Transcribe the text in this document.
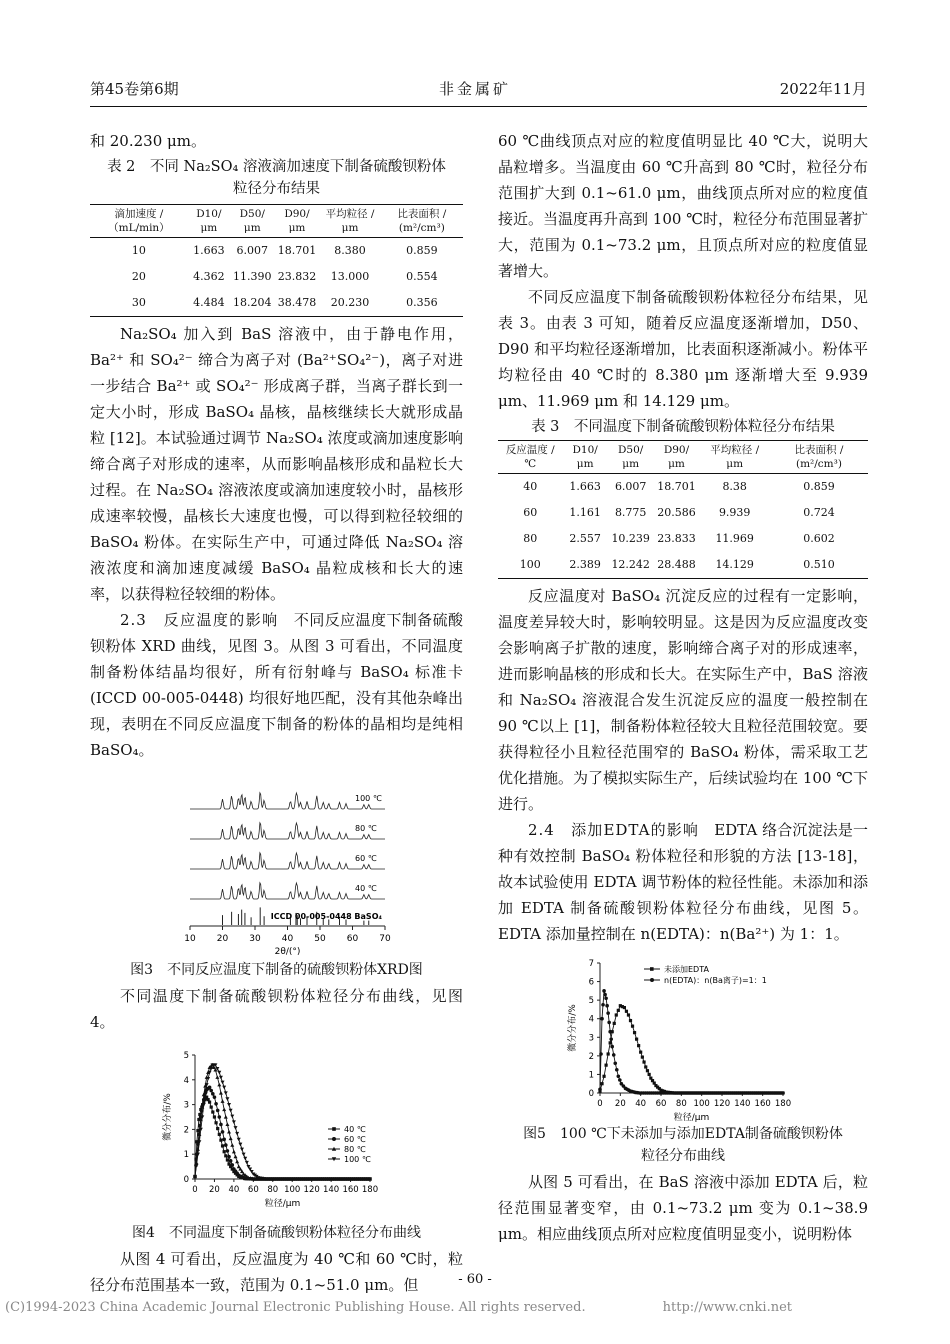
第45卷第6期	非金属矿	2022年11月

和 20.230 μm。

表 2　不同 Na₂SO₄ 溶液滴加速度下制备硫酸钡粉体
粒径分布结果
滴加速度 / （mL/min）	D10/μm	D50/μm	D90/μm	平均粒径 / μm	比表面积 / (m²/cm³)
10	1.663	6.007	18.701	8.380	0.859
20	4.362	11.390	23.832	13.000	0.554
30	4.484	18.204	38.478	20.230	0.356

Na₂SO₄ 加入到 BaS 溶液中，由于静电作用，Ba²⁺ 和 SO₄²⁻ 缔合为离子对 (Ba²⁺SO₄²⁻)，离子对进一步结合 Ba²⁺ 或 SO₄²⁻ 形成离子群，当离子群长到一定大小时，形成 BaSO₄ 晶核，晶核继续长大就形成晶粒 [12]。本试验通过调节 Na₂SO₄ 浓度或滴加速度影响缔合离子对形成的速率，从而影响晶核形成和晶粒长大过程。在 Na₂SO₄ 溶液浓度或滴加速度较小时，晶核形成速率较慢，晶核长大速度也慢，可以得到粒径较细的 BaSO₄ 粉体。在实际生产中，可通过降低 Na₂SO₄ 溶液浓度和滴加速度减缓 BaSO₄ 晶粒成核和长大的速率，以获得粒径较细的粉体。

2.3　反应温度的影响　 不同反应温度下制备硫酸钡粉体 XRD 曲线，见图 3。从图 3 可看出，不同温度制备粉体结晶均很好，所有衍射峰与 BaSO₄ 标准卡 (ICCD 00-005-0448) 均很好地匹配，没有其他杂峰出现，表明在不同反应温度下制备的粉体的晶相均是纯相 BaSO₄。

100 ℃
80 ℃
60 ℃
40 ℃
ICCD 00-005-0448 BaSO₄
10 20 30 40 50 60 70
2θ/(°)
图3　不同反应温度下制备的硫酸钡粉体XRD图

不同温度下制备硫酸钡粉体粒径分布曲线，见图 4。

0 20 40 60 80 100 120 140 160 180
0
1
2
3
4
5
粒径/μm
微分分布/%	40 ℃
60 ℃
80 ℃
100 ℃
图4　不同温度下制备硫酸钡粉体粒径分布曲线

从图 4 可看出，反应温度为 40 ℃和 60 ℃时，粒径分布范围基本一致，范围为 0.1~51.0 μm。但

60 ℃曲线顶点对应的粒度值明显比 40 ℃大，说明大晶粒增多。当温度由 60 ℃升高到 80 ℃时，粒径分布范围扩大到 0.1~61.0 μm，曲线顶点所对应的粒度值接近。当温度再升高到 100 ℃时，粒径分布范围显著扩大，范围为 0.1~73.2 μm，且顶点所对应的粒度值显著增大。

不同反应温度下制备硫酸钡粉体粒径分布结果，见表 3。由表 3 可知，随着反应温度逐渐增加，D50、D90 和平均粒径逐渐增加，比表面积逐渐减小。粉体平均粒径由 40 ℃时的 8.380 μm 逐渐增大至 9.939 μm、11.969 μm 和 14.129 μm。

表 3　不同温度下制备硫酸钡粉体粒径分布结果
反应温度 / ℃	D10/μm	D50/μm	D90/μm	平均粒径 / μm	比表面积 / (m²/cm³)
40	1.663	6.007	18.701	8.38	0.859
60	1.161	8.775	20.586	9.939	0.724
80	2.557	10.239	23.833	11.969	0.602
100	2.389	12.242	28.488	14.129	0.510

反应温度对 BaSO₄ 沉淀反应的过程有一定影响，温度差异较大时，影响较明显。这是因为反应温度改变会影响离子扩散的速度，影响缔合离子对的形成速率，进而影响晶核的形成和长大。在实际生产中，BaS 溶液和 Na₂SO₄ 溶液混合发生沉淀反应的温度一般控制在 90 ℃以上 [1]，制备粉体粒径较大且粒径范围较宽。要获得粒径小且粒径范围窄的 BaSO₄ 粉体，需采取工艺优化措施。为了模拟实际生产，后续试验均在 100 ℃下进行。

2.4　添加EDTA的影响　 EDTA 络合沉淀法是一种有效控制 BaSO₄ 粉体粒径和形貌的方法 [13-18]，故本试验使用 EDTA 调节粉体的粒径性能。未添加和添加 EDTA 制备硫酸钡粉体粒径分布曲线，见图 5。EDTA 添加量控制在 n(EDTA)：n(Ba²⁺) 为 1：1。

0 20 40 60 80 100 120 140 160 180
0
1
2
3
4
5
6
7
粒径/μm
微分分布/%
未添加EDTA
n(EDTA)：n(Ba离子)=1：1
图5　100 ℃下未添加与添加EDTA制备硫酸钡粉体
粒径分布曲线

从图 5 可看出，在 BaS 溶液中添加 EDTA 后，粒径范围显著变窄，由 0.1~73.2 μm 变为 0.1~38.9 μm。相应曲线顶点所对应粒度值明显变小，说明粉体

- 60 -
(C)1994-2023 China Academic Journal Electronic Publishing House. All rights reserved.	http://www.cnki.net
